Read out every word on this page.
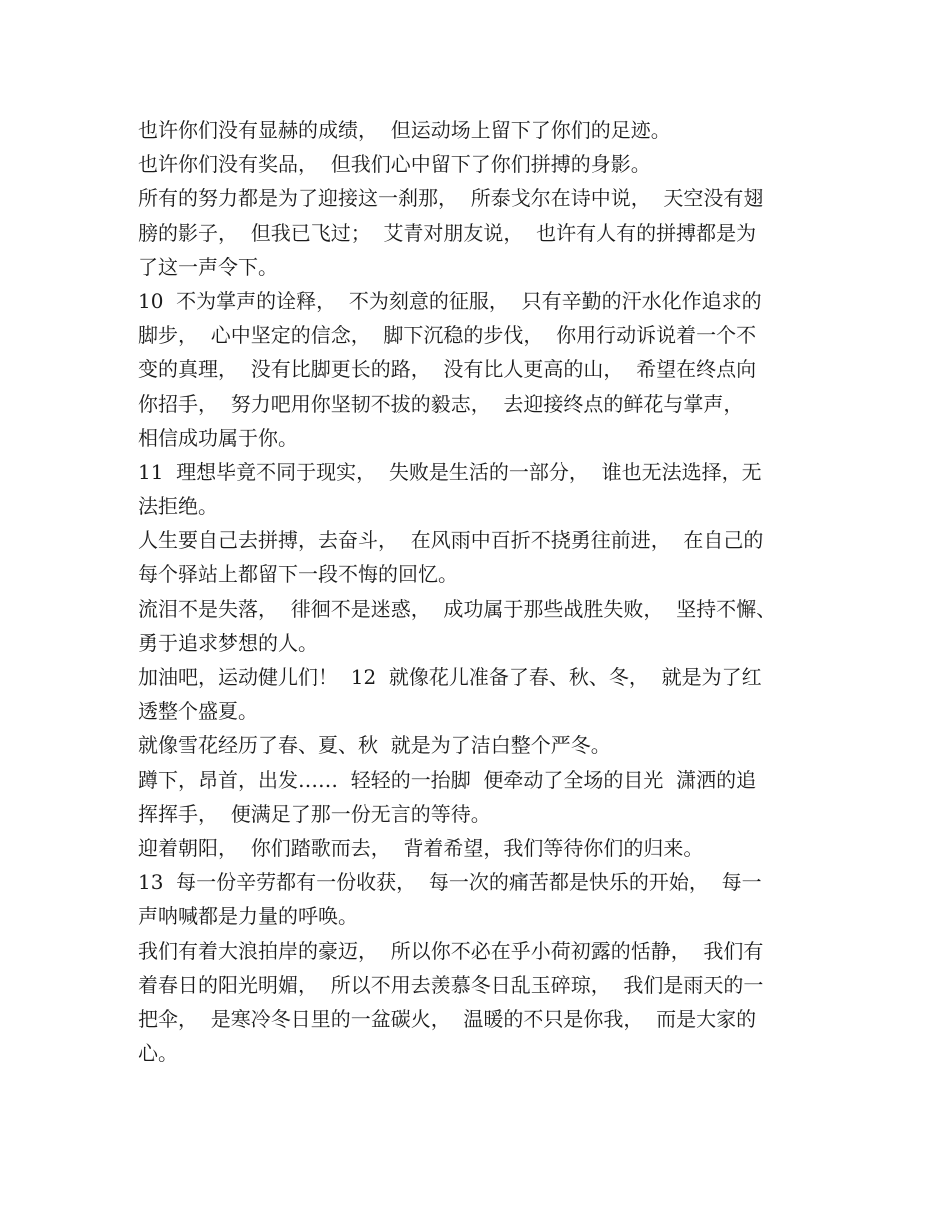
也许你们没有显赫的成绩，  但运动场上留下了你们的足迹。

也许你们没有奖品，  但我们心中留下了你们拼搏的身影。

所有的努力都是为了迎接这一刹那，  所泰戈尔在诗中说，  天空没有翅

膀的影子，  但我已飞过；  艾青对朋友说，  也许有人有的拼搏都是为

了这一声令下。

10  不为掌声的诠释，  不为刻意的征服，  只有辛勤的汗水化作追求的

脚步，  心中坚定的信念，  脚下沉稳的步伐，  你用行动诉说着一个不

变的真理，  没有比脚更长的路，  没有比人更高的山，  希望在终点向

你招手，  努力吧用你坚韧不拔的毅志，  去迎接终点的鲜花与掌声，

相信成功属于你。

11  理想毕竟不同于现实，  失败是生活的一部分，  谁也无法选择，无

法拒绝。

人生要自己去拼搏，去奋斗，  在风雨中百折不挠勇往前进，  在自己的

每个驿站上都留下一段不悔的回忆。

流泪不是失落，  徘徊不是迷惑，  成功属于那些战胜失败，  坚持不懈、

勇于追求梦想的人。

加油吧，运动健儿们！  12  就像花儿准备了春、秋、冬，  就是为了红

透整个盛夏。

就像雪花经历了春、夏、秋  就是为了洁白整个严冬。

蹲下，昂首，出发……  轻轻的一抬脚  便牵动了全场的目光  潇洒的追

挥挥手，  便满足了那一份无言的等待。

迎着朝阳，  你们踏歌而去，  背着希望，我们等待你们的归来。

13  每一份辛劳都有一份收获，  每一次的痛苦都是快乐的开始，  每一

声呐喊都是力量的呼唤。

我们有着大浪拍岸的豪迈，  所以你不必在乎小荷初露的恬静，  我们有

着春日的阳光明媚，  所以不用去羡慕冬日乱玉碎琼，  我们是雨天的一

把伞，  是寒冷冬日里的一盆碳火，  温暖的不只是你我，  而是大家的

心。
